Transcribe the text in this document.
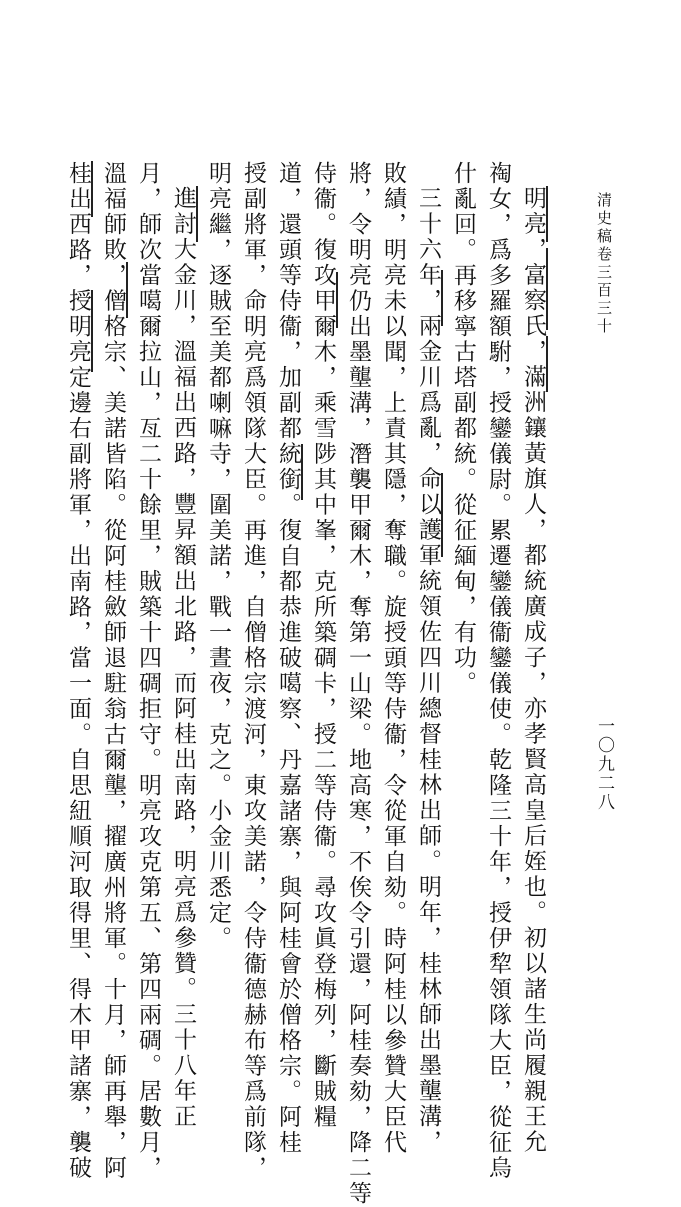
清史稿卷三百三十
一〇九二八
明亮，富察氏，滿洲鑲黃旗人，都統廣成子，亦孝賢高皇后姪也。初以諸生尚履親王允
祹女，爲多羅額駙，授鑾儀尉。累遷鑾儀衞鑾儀使。乾隆三十年，授伊犂領隊大臣，從征烏
什亂回。再移寧古塔副都統。從征緬甸，有功。
三十六年，兩金川爲亂，命以護軍統領佐四川總督桂林出師。明年，桂林師出墨壟溝，
敗績，明亮未以聞，上責其隱，奪職。旋授頭等侍衞，令從軍自劾。時阿桂以參贊大臣代
將，令明亮仍出墨壟溝，潛襲甲爾木，奪第一山梁。地高寒，不俟令引還，阿桂奏劾，降二等
侍衞。復攻甲爾木，乘雪陟其中峯，克所築碉卡，授二等侍衞。尋攻眞登梅列，斷賊糧
道，還頭等侍衞，加副都統銜。復自都恭進破噶察、丹嘉諸寨，與阿桂會於僧格宗。阿桂
授副將軍，命明亮爲領隊大臣。再進，自僧格宗渡河，東攻美諾，令侍衞德赫布等爲前隊，
明亮繼，逐賊至美都喇嘛寺，圍美諾，戰一晝夜，克之。小金川悉定。
進討大金川，溫福出西路，豐昇額出北路，而阿桂出南路，明亮爲參贊。三十八年正
月，師次當噶爾拉山，亙二十餘里，賊築十四碉拒守。明亮攻克第五、第四兩碉。居數月，
溫福師敗，僧格宗、美諾皆陷。從阿桂斂師退駐翁古爾壟，擢廣州將軍。十月，師再舉，阿
桂出西路，授明亮定邊右副將軍，出南路，當一面。自思紐順河取得里、得木甲諸寨，襲破
